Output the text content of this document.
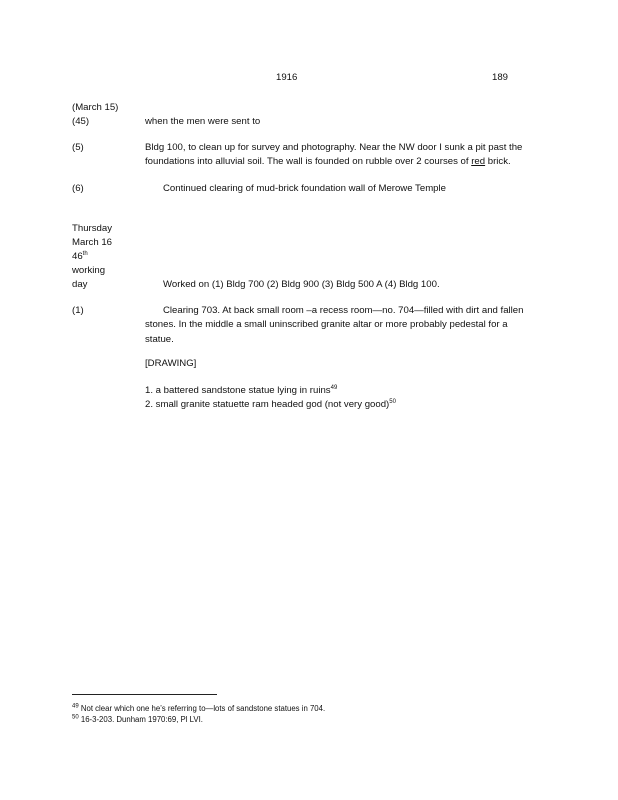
1916	189
(March 15)
(45)	when the men were sent to
(5)	Bldg 100, to clean up for survey and photography. Near the NW door I sunk a pit past the foundations into alluvial soil. The wall is founded on rubble over 2 courses of red brick.
(6)	Continued clearing of mud-brick foundation wall of Merowe Temple
Thursday
March 16
46th
working
day	Worked on (1) Bldg 700 (2) Bldg 900 (3) Bldg 500 A (4) Bldg 100.
(1)	Clearing 703. At back small room –a recess room—no. 704—filled with dirt and fallen stones. In the middle a small uninscribed granite altar or more probably pedestal for a statue.
[DRAWING]
1. a battered sandstone statue lying in ruins$^{49}$
2. small granite statuette ram headed god (not very good)$^{50}$
$^{49}$ Not clear which one he’s referring to—lots of sandstone statues in 704.
$^{50}$ 16-3-203. Dunham 1970:69, Pl LVI.
